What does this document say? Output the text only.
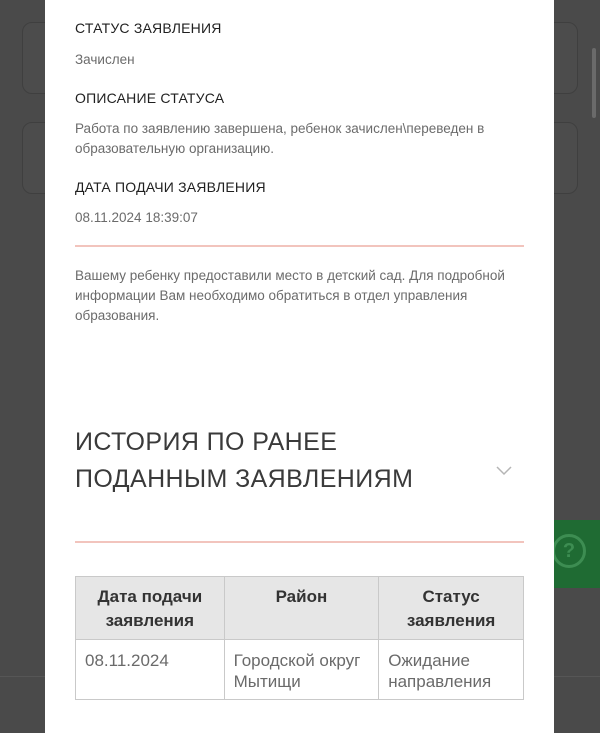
?
СТАТУС ЗАЯВЛЕНИЯ
Зачислен
ОПИСАНИЕ СТАТУСА
Работа по заявлению завершена, ребенок зачислен\переведен в образовательную организацию.
ДАТА ПОДАЧИ ЗАЯВЛЕНИЯ
08.11.2024 18:39:07
Вашему ребенку предоставили место в детский сад. Для подробной информации Вам необходимо обратиться в отдел управления образования.
ИСТОРИЯ ПО РАНЕЕ ПОДАННЫМ ЗАЯВЛЕНИЯМ
Дата подачи заявления	Район	Статус заявления
08.11.2024	Городской округ Мытищи	Ожидание направления
